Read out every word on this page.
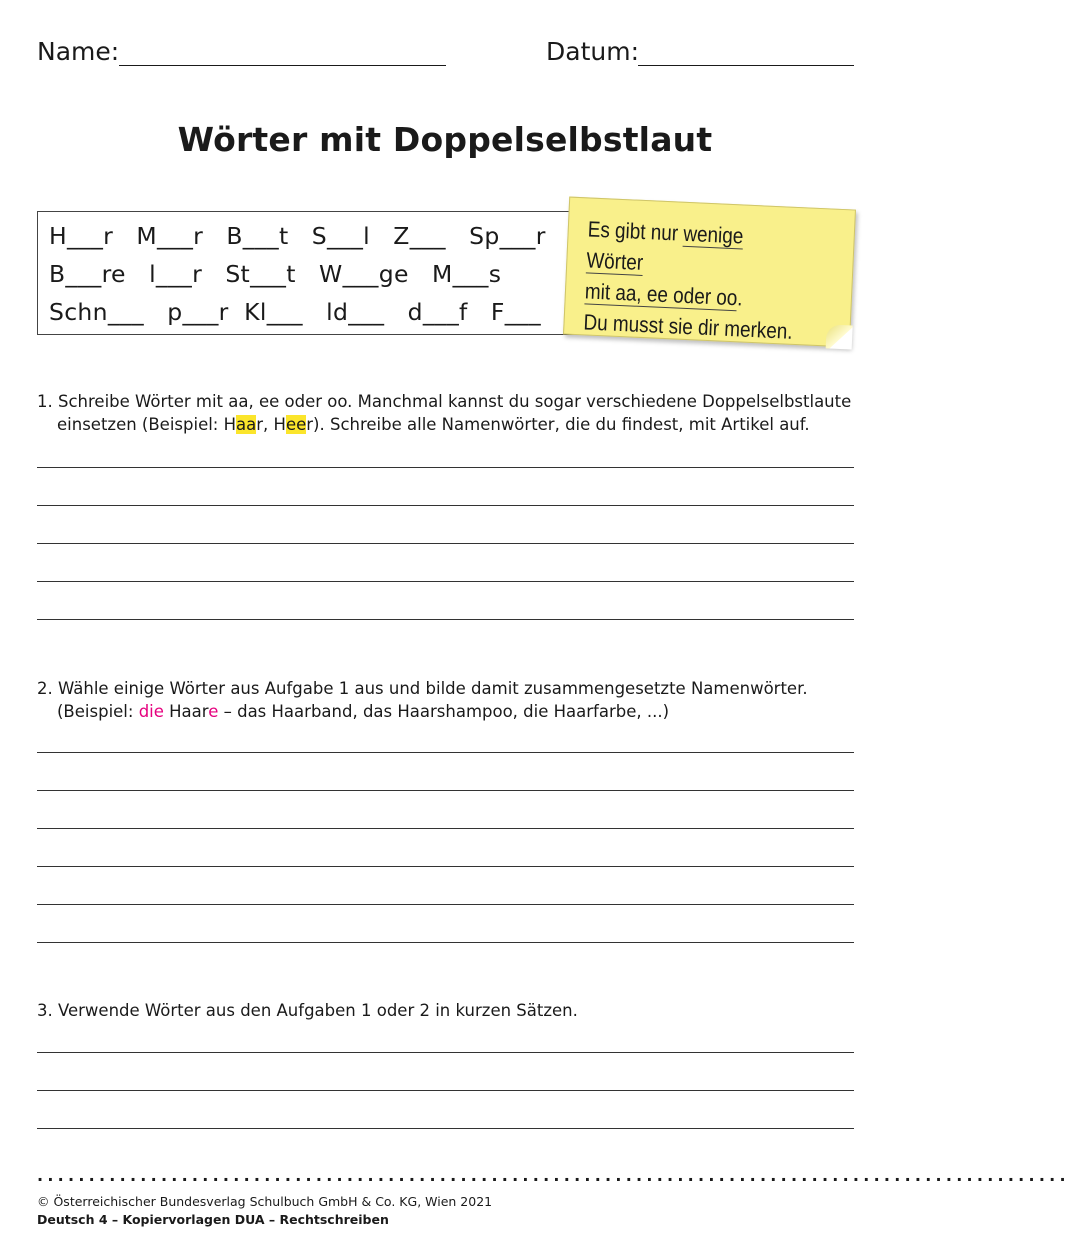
Name:	Datum:
Wörter mit Doppelselbstlaut
H___r   M___r   B___t   S___l   Z___   Sp___r
B___re   l___r   St___t   W___ge   M___s
Schn___   p___r  Kl___   ld___   d___f   F___
Es gibt nur wenige Wörter
mit aa, ee oder oo.
Du musst sie dir merken.
1. Schreibe Wörter mit aa, ee oder oo. Manchmal kannst du sogar verschiedene Doppelselbstlaute
einsetzen (Beispiel: Haar, Heer). Schreibe alle Namenwörter, die du findest, mit Artikel auf.
2. Wähle einige Wörter aus Aufgabe 1 aus und bilde damit zusammengesetzte Namenwörter.
(Beispiel: die Haare – das Haarband, das Haarshampoo, die Haarfarbe, ...)
3. Verwende Wörter aus den Aufgaben 1 oder 2 in kurzen Sätzen.
....................................................................................................
© Österreichischer Bundesverlag Schulbuch GmbH & Co. KG, Wien 2021
Deutsch 4 – Kopiervorlagen DUA – Rechtschreiben
